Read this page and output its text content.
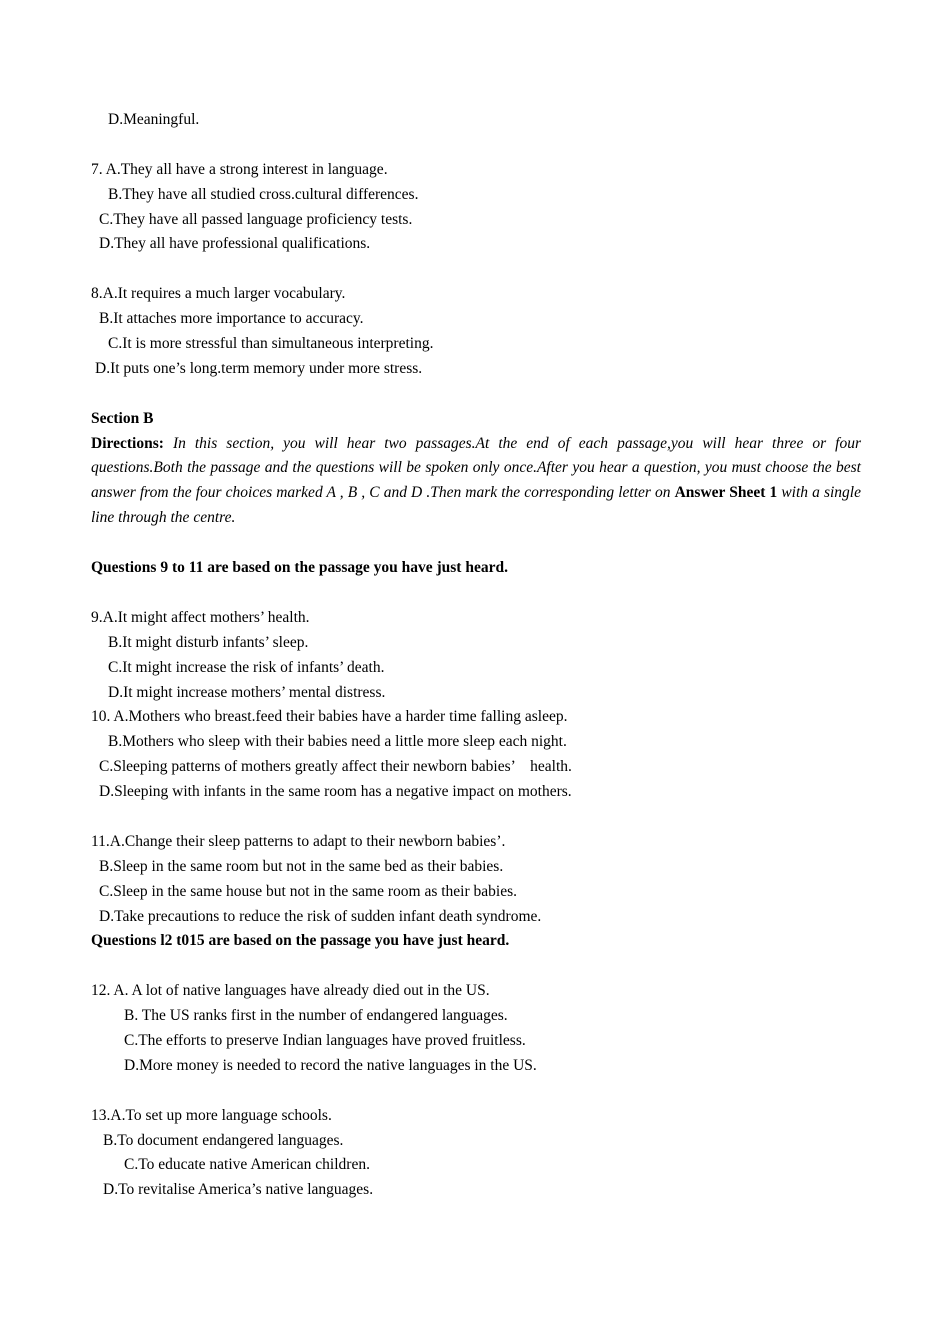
D.Meaningful.
7. A.They all have a strong interest in language.
B.They have all studied cross.cultural differences.
C.They have all passed language proficiency tests.
D.They all have professional qualifications.
8.A.It requires a much larger vocabulary.
B.It attaches more importance to accuracy.
C.It is more stressful than simultaneous interpreting.
D.It puts one’s long.term memory under more stress.
Section B
Directions: In this section, you will hear two passages.At the end of each passage,you will hear three or four questions.Both the passage and the questions will be spoken only once.After you hear a question, you must choose the best answer from the four choices marked A , B , C and D .Then mark the corresponding letter on Answer Sheet 1 with a single line through the centre.
Questions 9 to 11 are based on the passage you have just heard.
9.A.It might affect mothers’ health.
B.It might disturb infants’ sleep.
C.It might increase the risk of infants’ death.
D.It might increase mothers’ mental distress.
10. A.Mothers who breast.feed their babies have a harder time falling asleep.
B.Mothers who sleep with their babies need a little more sleep each night.
C.Sleeping patterns of mothers greatly affect their newborn babies’    health.
D.Sleeping with infants in the same room has a negative impact on mothers.
11.A.Change their sleep patterns to adapt to their newborn babies’.
B.Sleep in the same room but not in the same bed as their babies.
C.Sleep in the same house but not in the same room as their babies.
D.Take precautions to reduce the risk of sudden infant death syndrome.
Questions l2 t015 are based on the passage you have just heard.
12. A. A lot of native languages have already died out in the US.
B. The US ranks first in the number of endangered languages.
C.The efforts to preserve Indian languages have proved fruitless.
D.More money is needed to record the native languages in the US.
13.A.To set up more language schools.
B.To document endangered languages.
C.To educate native American children.
D.To revitalise America’s native languages.
